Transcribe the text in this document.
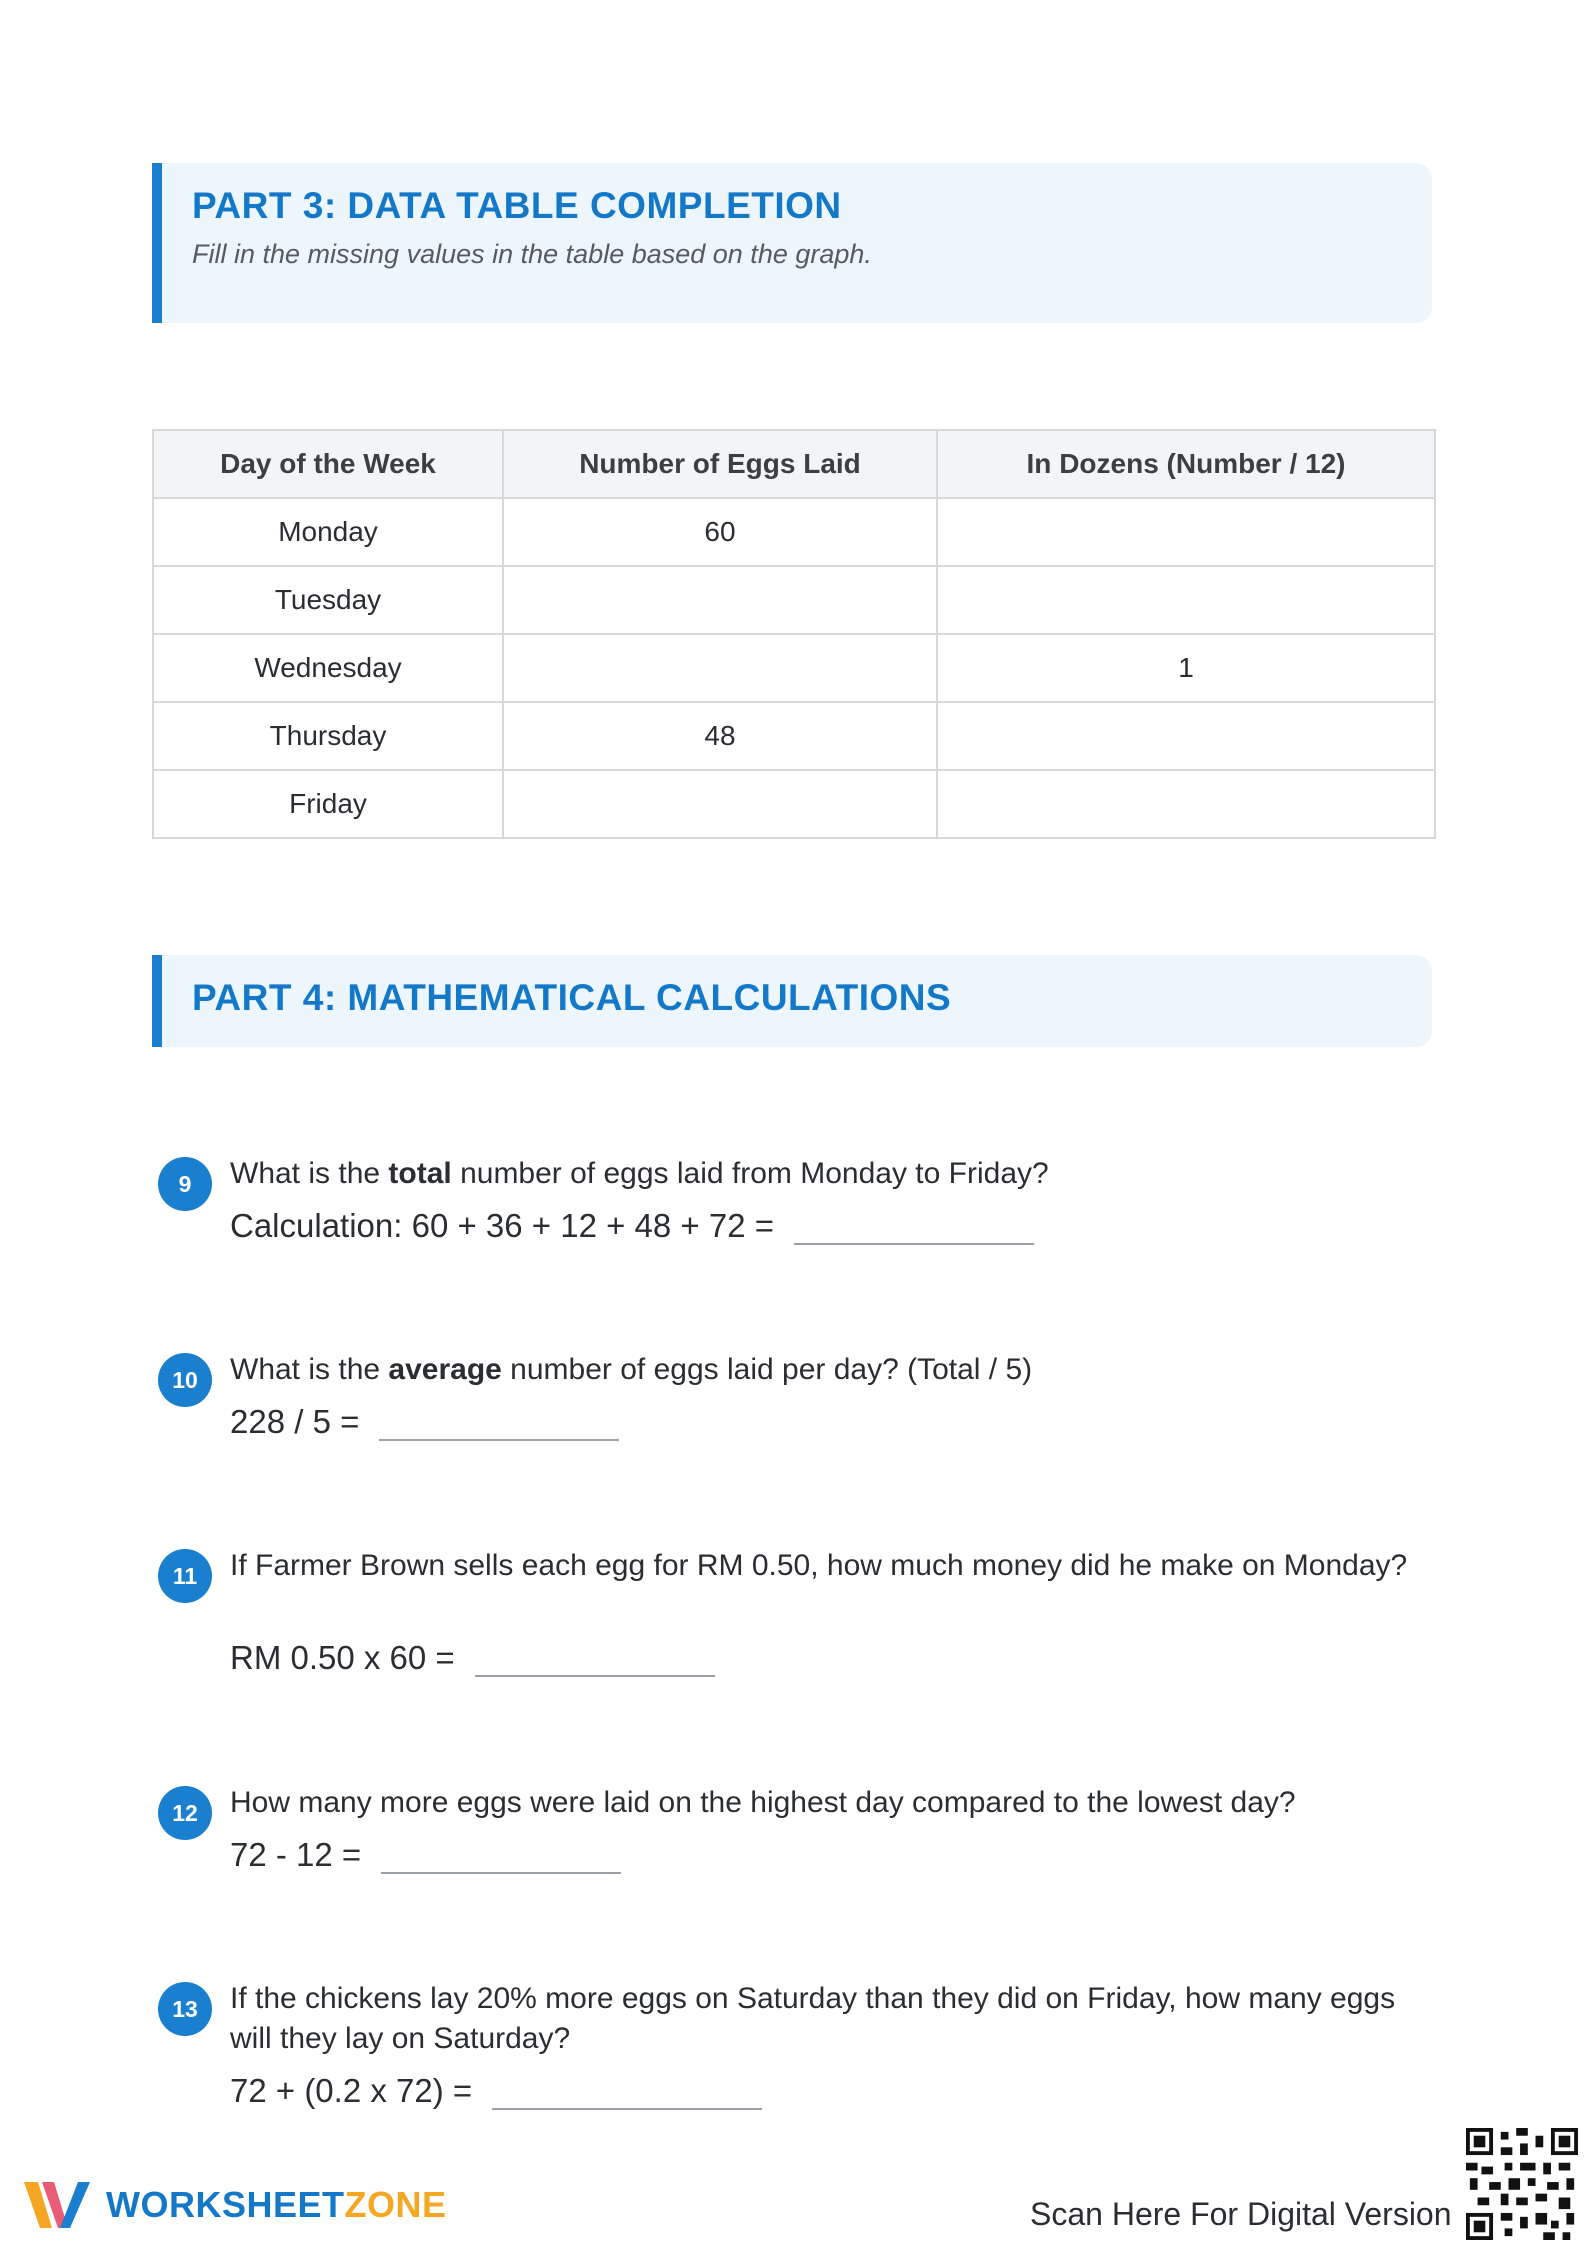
PART 3: DATA TABLE COMPLETION
Fill in the missing values in the table based on the graph.
Day of the Week	Number of Eggs Laid	In Dozens (Number / 12)
Monday	60	
Tuesday		
Wednesday		1
Thursday	48	
Friday		
PART 4: MATHEMATICAL CALCULATIONS
9	What is the total number of eggs laid from Monday to Friday?
Calculation: 60 + 36 + 12 + 48 + 72 =
10	What is the average number of eggs laid per day? (Total / 5)
228 / 5 =
11	If Farmer Brown sells each egg for RM 0.50, how much money did he make on Monday?
RM 0.50 x 60 =
12	How many more eggs were laid on the highest day compared to the lowest day?
72 - 12 =
13	If the chickens lay 20% more eggs on Saturday than they did on Friday, how many eggs will they lay on Saturday?
72 + (0.2 x 72) =
WORKSHEETZONE	Scan Here For Digital Version
